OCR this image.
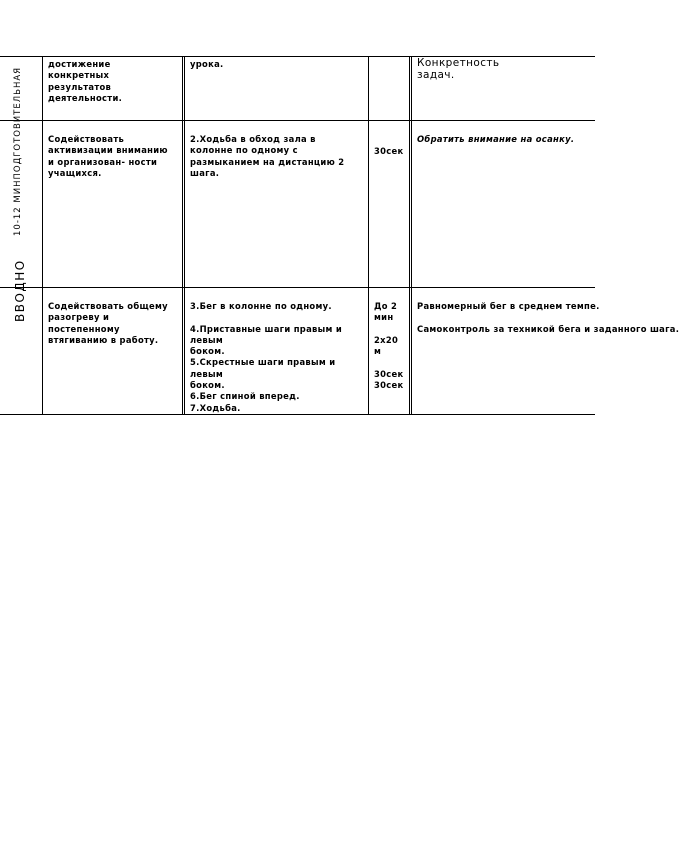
10-12 МИНПОДГОТОВИТЕЛЬНАЯ
ВВОДНО
достижение
конкретных
результатов
деятельности.
урока.	Конкретность
задач.
Содействовать
активизации вниманию
и организован- ности
учащихся.
2.Ходьба в обход зала в
колонне по одному с
размыканием на дистанцию 2
шага.
30сек
Обратить внимание на осанку.
Содействовать общему
разогреву и
постепенному
втягиванию в работу.
3.Бег в колонне по одному.

4.Приставные шаги правым и
левым
боком.
5.Скрестные шаги правым и
левым
боком.
6.Бег спиной вперед.
7.Ходьба.
До 2
мин

2х20
м

30сек
30сек
Равномерный бег в среднем темпе.
Самоконтроль за техникой бега и заданного шага.
